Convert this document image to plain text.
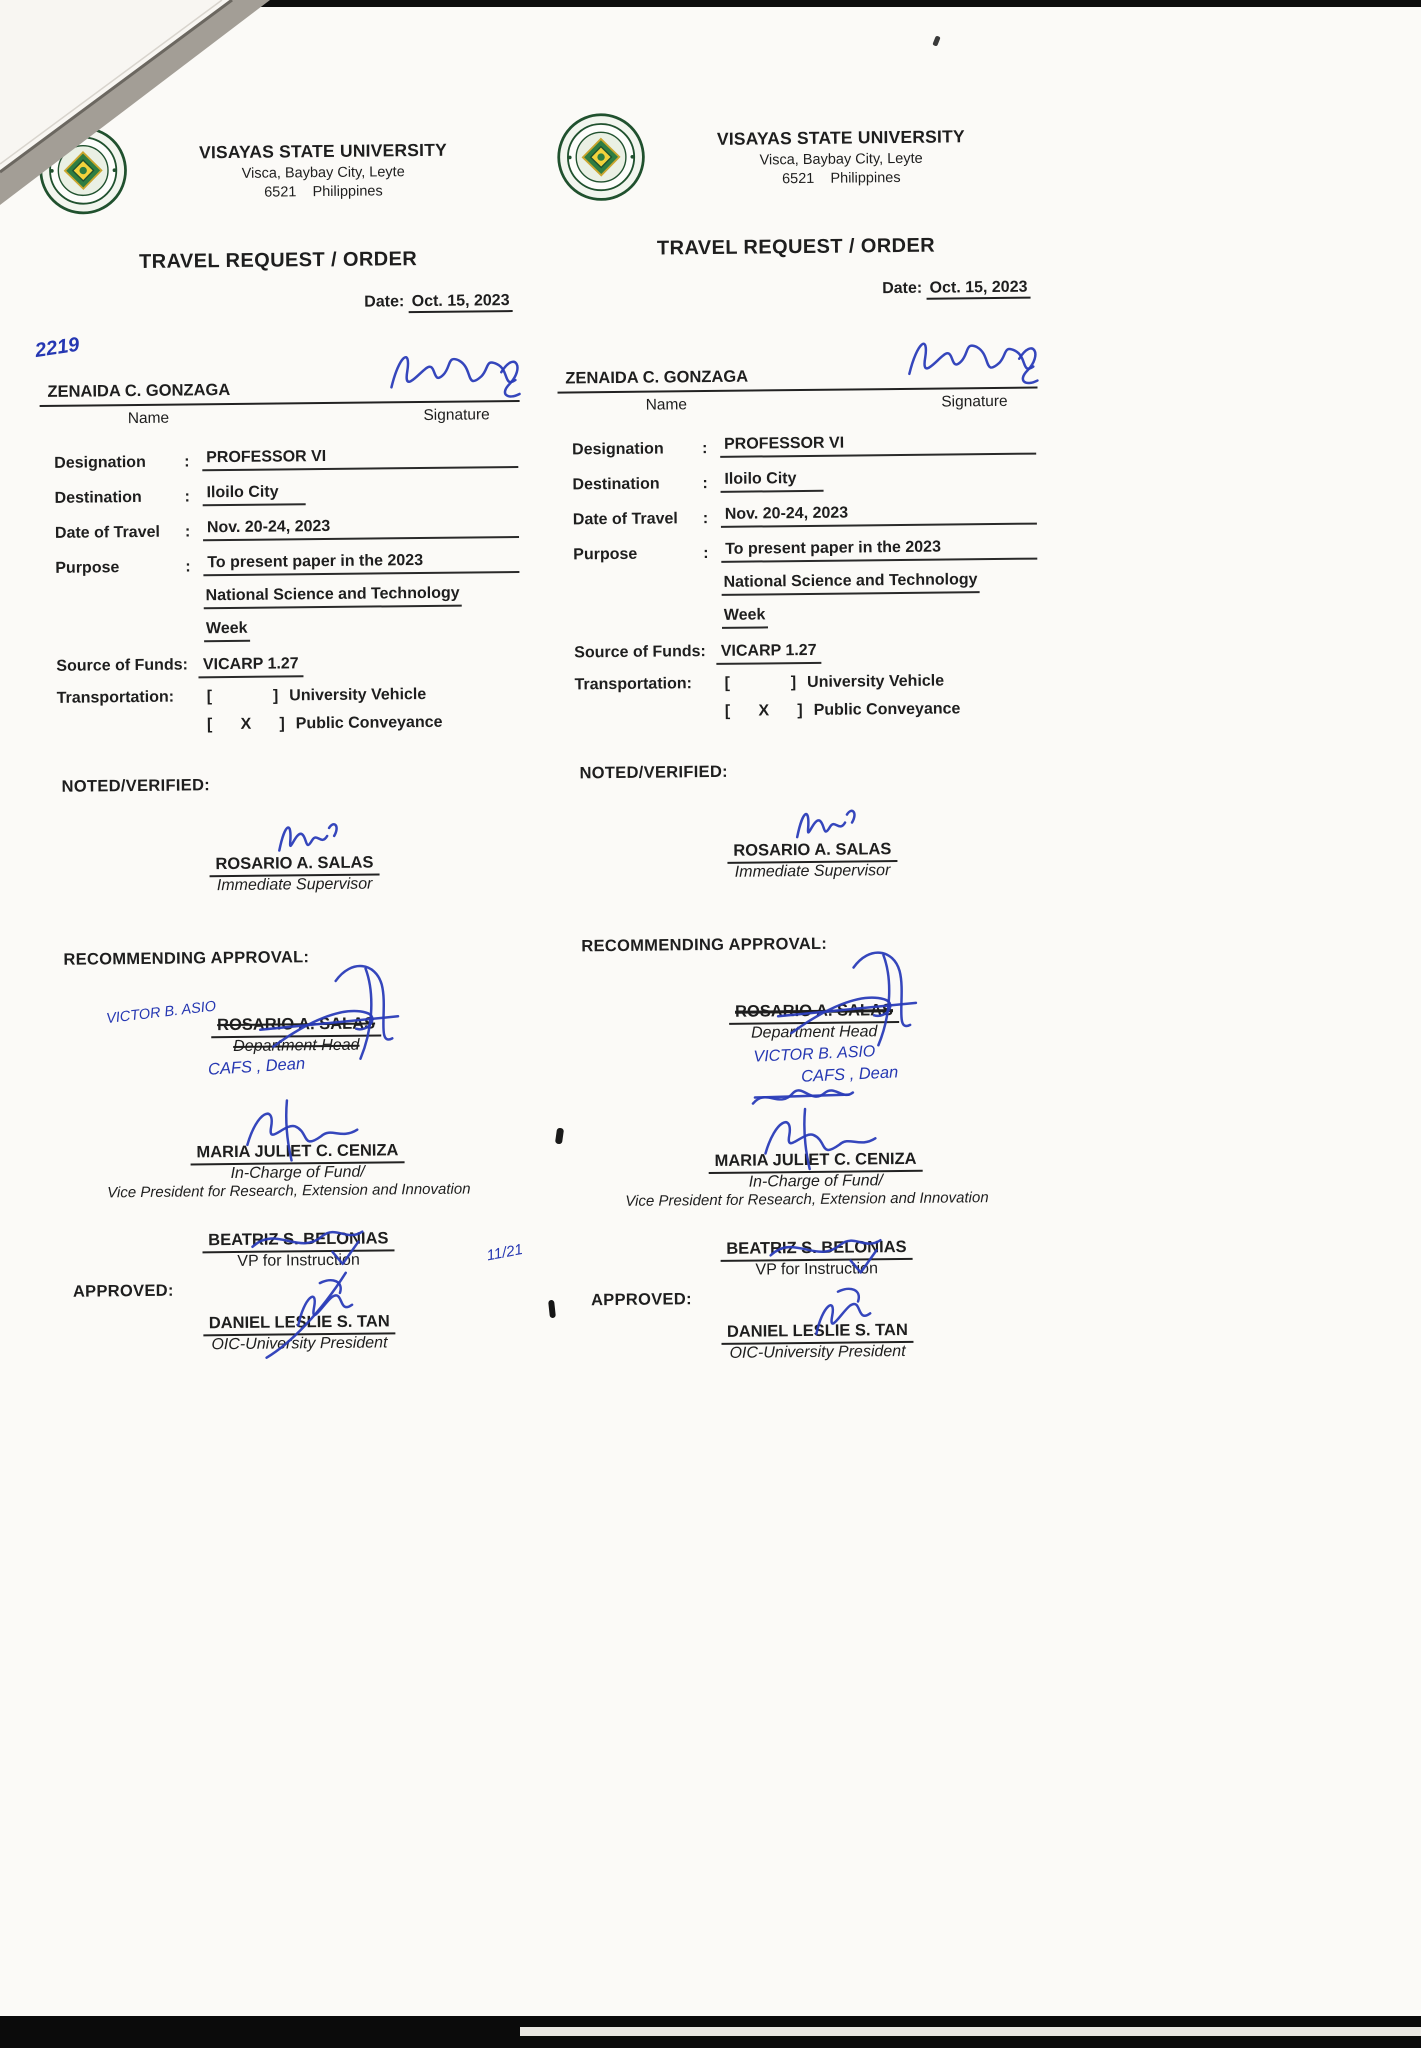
2219
VISAYAS STATE UNIVERSITY
Visca, Baybay City, Leyte
6521    Philippines
TRAVEL REQUEST / ORDER
Date: Oct. 15, 2023
ZENAIDA C. GONZAGA
Name	Signature
Designation	:	PROFESSOR VI
Destination	:	Iloilo City
Date of Travel	:	Nov. 20-24, 2023
Purpose	:	To present paper in the 2023
National Science and Technology
Week
Source of Funds: VICARP 1.27
Transportation:	[           ] University Vehicle
[     X     ] Public Conveyance
NOTED/VERIFIED:
ROSARIO A. SALAS
Immediate Supervisor
RECOMMENDING APPROVAL:
VICTOR B. ASIO ROSARIO A. SALAS
Department Head
CAFS , Dean
MARIA JULIET C. CENIZA
In-Charge of Fund/
Vice President for Research, Extension and Innovation
BEATRIZ S. BELONIAS
VP for Instruction	11/21
APPROVED:
DANIEL LESLIE S. TAN
OIC-University President
VISAYAS STATE UNIVERSITY
Visca, Baybay City, Leyte
6521    Philippines
TRAVEL REQUEST / ORDER
Date: Oct. 15, 2023
ZENAIDA C. GONZAGA
Name	Signature
Designation	:	PROFESSOR VI
Destination	:	Iloilo City
Date of Travel	:	Nov. 20-24, 2023
Purpose	:	To present paper in the 2023
National Science and Technology
Week
Source of Funds: VICARP 1.27
Transportation:	[           ] University Vehicle
[     X     ] Public Conveyance
NOTED/VERIFIED:
ROSARIO A. SALAS
Immediate Supervisor
RECOMMENDING APPROVAL:
ROSARIO A. SALAS
Department Head
VICTOR B. ASIO
CAFS , Dean
MARIA JULIET C. CENIZA
In-Charge of Fund/
Vice President for Research, Extension and Innovation
BEATRIZ S. BELONIAS
VP for Instruction
APPROVED:
DANIEL LESLIE S. TAN
OIC-University President
